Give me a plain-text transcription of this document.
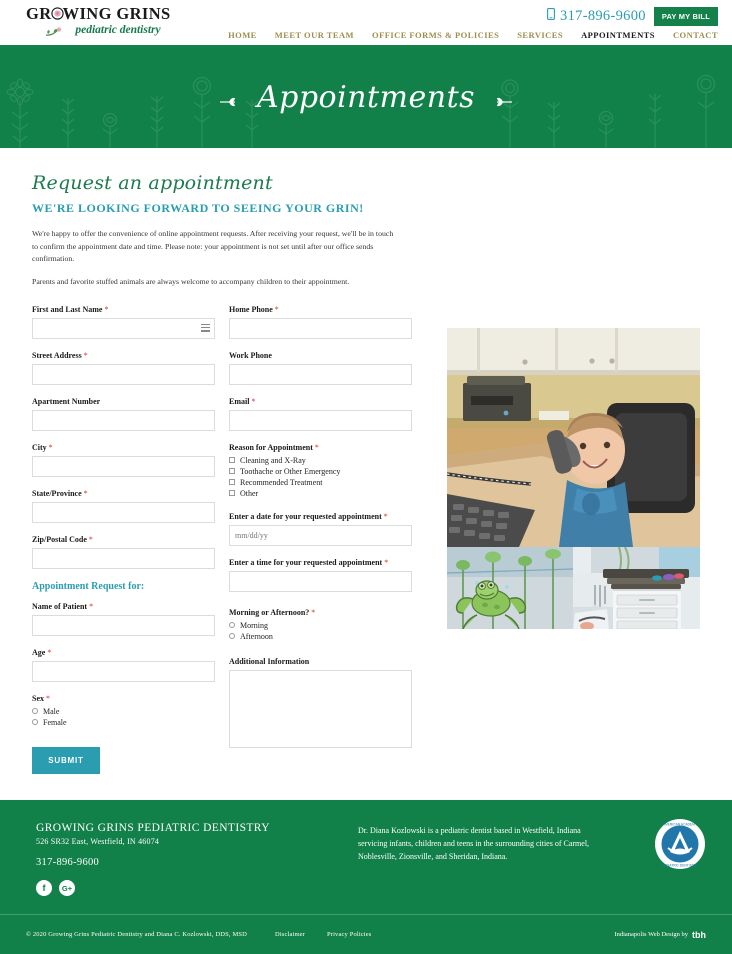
GR WING GRINS
pediatric dentistry
317-896-9600	PAY MY BILL
HOME MEET OUR TEAM OFFICE FORMS & POLICIES SERVICES APPOINTMENTS CONTACT
Appointments
Request an appointment
WE'RE LOOKING FORWARD TO SEEING YOUR GRIN!

We're happy to offer the convenience of online appointment requests. After receiving your request, we'll be in touch to confirm the appointment date and time. Please note: your appointment is not set until after our office sends confirmation.

Parents and favorite stuffed animals are always welcome to accompany children to their appointment.

First and Last Name *
Street Address *
Apartment Number
City *
State/Province *
Zip/Postal Code *
Appointment Request for:
Name of Patient *
Age *
Sex *
Male
Female
SUBMIT
Home Phone *
Work Phone
Email *
Reason for Appointment *
Cleaning and X-Ray
Toothache or Other Emergency
Recommended Treatment
Other
Enter a date for your requested appointment *
mm/dd/yy
Enter a time for your requested appointment *
Morning or Afternoon? *
Morning
Afternoon
Additional Information
GROWING GRINS PEDIATRIC DENTISTRY
526 SR32 East, Westfield, IN 46074
317-896-9600
f	G+
Dr. Diana Kozlowski is a pediatric dentist based in Westfield, Indiana servicing infants, children and teens in the surrounding cities of Carmel, Noblesville, Zionsville, and Sheridan, Indiana.
AMERICAN ACADEMY
PEDIATRIC DENTISTRY
© 2020 Growing Grins Pediatric Dentistry and Diana C. Kozlowski, DDS, MSD	Disclaimer	Privacy Policies	Indianapolis Web Design by tbh
